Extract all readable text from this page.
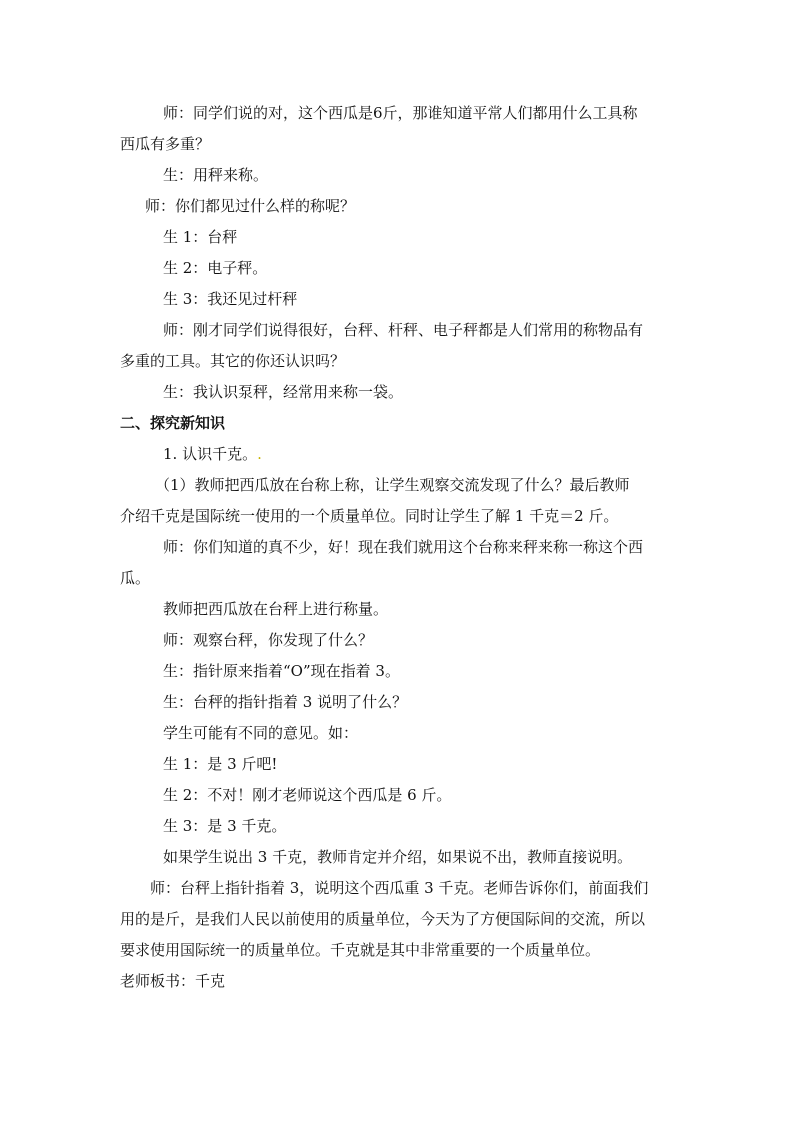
师：同学们说的对，这个西瓜是6斤，那谁知道平常人们都用什么工具称
西瓜有多重？

生：用秤来称。

师：你们都见过什么样的称呢？

生 1：台秤

生 2：电子秤。

生 3：我还见过杆秤

师：刚才同学们说得很好，台秤、杆秤、电子秤都是人们常用的称物品有
多重的工具。其它的你还认识吗？

生：我认识泵秤，经常用来称一袋。

二、探究新知识

1. 认识千克。.

（1）教师把西瓜放在台称上称，让学生观察交流发现了什么？最后教师
介绍千克是国际统一使用的一个质量单位。同时让学生了解 1 千克＝2 斤。

师：你们知道的真不少，好！现在我们就用这个台称来秤来称一称这个西
瓜。

教师把西瓜放在台秤上进行称量。

师：观察台秤，你发现了什么？

生：指针原来指着“O”现在指着 3。

生：台秤的指针指着 3 说明了什么？

学生可能有不同的意见。如：

生 1：是 3 斤吧!

生 2：不对！刚才老师说这个西瓜是 6 斤。

生 3：是 3 千克。

如果学生说出 3 千克，教师肯定并介绍，如果说不出，教师直接说明。

师：台秤上指针指着 3，说明这个西瓜重 3 千克。老师告诉你们，前面我们
用的是斤，是我们人民以前使用的质量单位，今天为了方便国际间的交流，所以
要求使用国际统一的质量单位。千克就是其中非常重要的一个质量单位。

老师板书：千克
